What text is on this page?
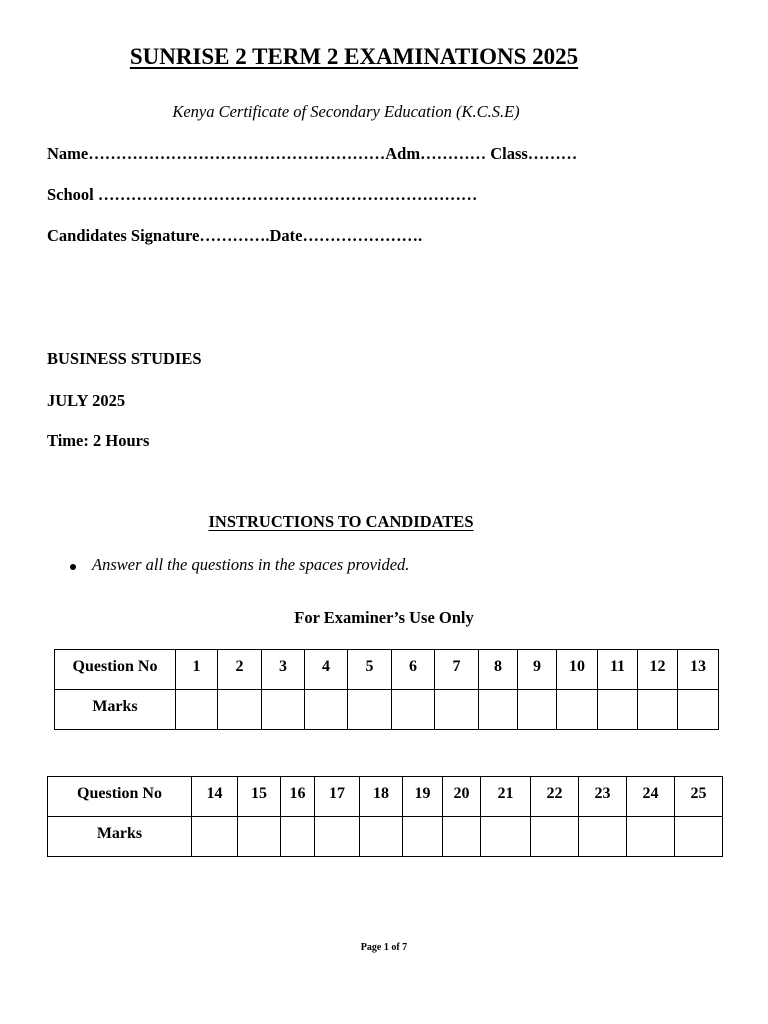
SUNRISE 2 TERM 2 EXAMINATIONS 2025
Kenya Certificate of Secondary Education (K.C.S.E)
Name………………………………………………Adm………… Class………
School ……………………………………………………………
Candidates Signature………….Date………………….
BUSINESS STUDIES
JULY 2025
Time: 2 Hours
INSTRUCTIONS TO CANDIDATES
Answer all the questions in the spaces provided.
For Examiner’s Use Only
Question No	1	2	3	4	5	6	7	8	9	10	11	12	13
Marks													
Question No	14	15	16	17	18	19	20	21	22	23	24	25
Marks												
Page 1 of 7
